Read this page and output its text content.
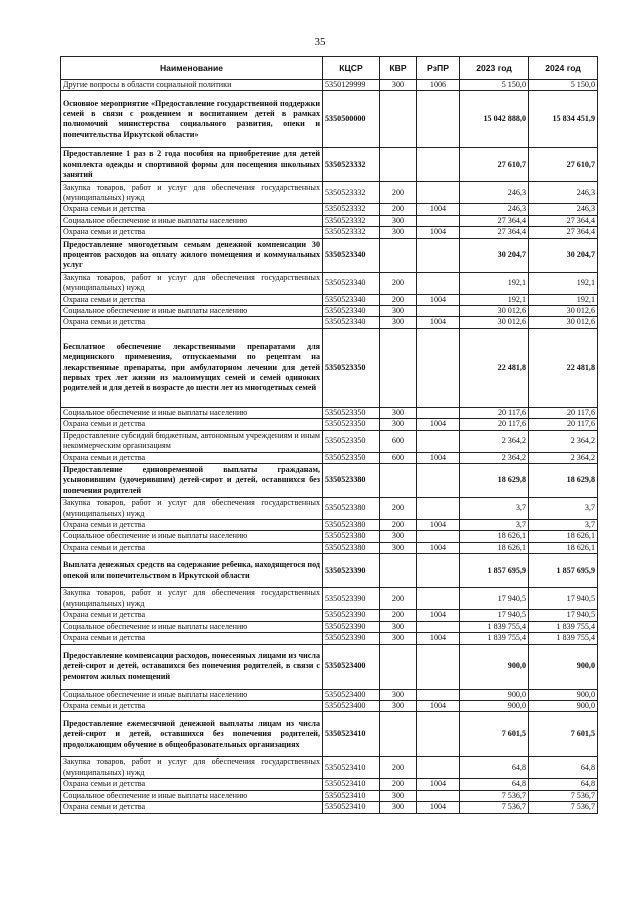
35
Наименование	КЦСР	КВР	РзПР	2023 год	2024 год
Другие вопросы в области социальной политики	5350129999	300	1006	5 150,0	5 150,0
Основное мероприятие «Предоставление государственной поддержки семей в связи с рождением и воспитанием детей в рамках полномочий министерства социального развития, опеки и попечительства Иркутской области»	5350500000			15 042 888,0	15 834 451,9
Предоставление 1 раз в 2 года пособия на приобретение для детей комплекта одежды и спортивной формы для посещения школьных занятий	5350523332			27 610,7	27 610,7
Закупка товаров, работ и услуг для обеспечения государственных (муниципальных) нужд	5350523332	200		246,3	246,3
Охрана семьи и детства	5350523332	200	1004	246,3	246,3
Социальное обеспечение и иные выплаты населению	5350523332	300		27 364,4	27 364,4
Охрана семьи и детства	5350523332	300	1004	27 364,4	27 364,4
Предоставление многодетным семьям денежной компенсации 30 процентов расходов на оплату жилого помещения и коммунальных услуг	5350523340			30 204,7	30 204,7
Закупка товаров, работ и услуг для обеспечения государственных (муниципальных) нужд	5350523340	200		192,1	192,1
Охрана семьи и детства	5350523340	200	1004	192,1	192,1
Социальное обеспечение и иные выплаты населению	5350523340	300		30 012,6	30 012,6
Охрана семьи и детства	5350523340	300	1004	30 012,6	30 012,6
Бесплатное обеспечение лекарственными препаратами для медицинского применения, отпускаемыми по рецептам на лекарственные препараты, при амбулаторном лечении для детей первых трех лет жизни из малоимущих семей и семей одиноких родителей и для детей в возрасте до шести лет из многодетных семей	5350523350			22 481,8	22 481,8
Социальное обеспечение и иные выплаты населению	5350523350	300		20 117,6	20 117,6
Охрана семьи и детства	5350523350	300	1004	20 117,6	20 117,6
Предоставление субсидий бюджетным, автономным учреждениям и иным некоммерческим организациям	5350523350	600		2 364,2	2 364,2
Охрана семьи и детства	5350523350	600	1004	2 364,2	2 364,2
Предоставление единовременной выплаты гражданам, усыновившим (удочерившим) детей-сирот и детей, оставшихся без попечения родителей	5350523380			18 629,8	18 629,8
Закупка товаров, работ и услуг для обеспечения государственных (муниципальных) нужд	5350523380	200		3,7	3,7
Охрана семьи и детства	5350523380	200	1004	3,7	3,7
Социальное обеспечение и иные выплаты населению	5350523380	300		18 626,1	18 626,1
Охрана семьи и детства	5350523380	300	1004	18 626,1	18 626,1
Выплата денежных средств на содержание ребенка, находящегося под опекой или попечительством в Иркутской области	5350523390			1 857 695,9	1 857 695,9
Закупка товаров, работ и услуг для обеспечения государственных (муниципальных) нужд	5350523390	200		17 940,5	17 940,5
Охрана семьи и детства	5350523390	200	1004	17 940,5	17 940,5
Социальное обеспечение и иные выплаты населению	5350523390	300		1 839 755,4	1 839 755,4
Охрана семьи и детства	5350523390	300	1004	1 839 755,4	1 839 755,4
Предоставление компенсации расходов, понесенных лицами из числа детей-сирот и детей, оставшихся без попечения родителей, в связи с ремонтом жилых помещений	5350523400			900,0	900,0
Социальное обеспечение и иные выплаты населению	5350523400	300		900,0	900,0
Охрана семьи и детства	5350523400	300	1004	900,0	900,0
Предоставление ежемесячной денежной выплаты лицам из числа детей-сирот и детей, оставшихся без попечения родителей, продолжающим обучение в общеобразовательных организациях	5350523410			7 601,5	7 601,5
Закупка товаров, работ и услуг для обеспечения государственных (муниципальных) нужд	5350523410	200		64,8	64,8
Охрана семьи и детства	5350523410	200	1004	64,8	64,8
Социальное обеспечение и иные выплаты населению	5350523410	300		7 536,7	7 536,7
Охрана семьи и детства	5350523410	300	1004	7 536,7	7 536,7
